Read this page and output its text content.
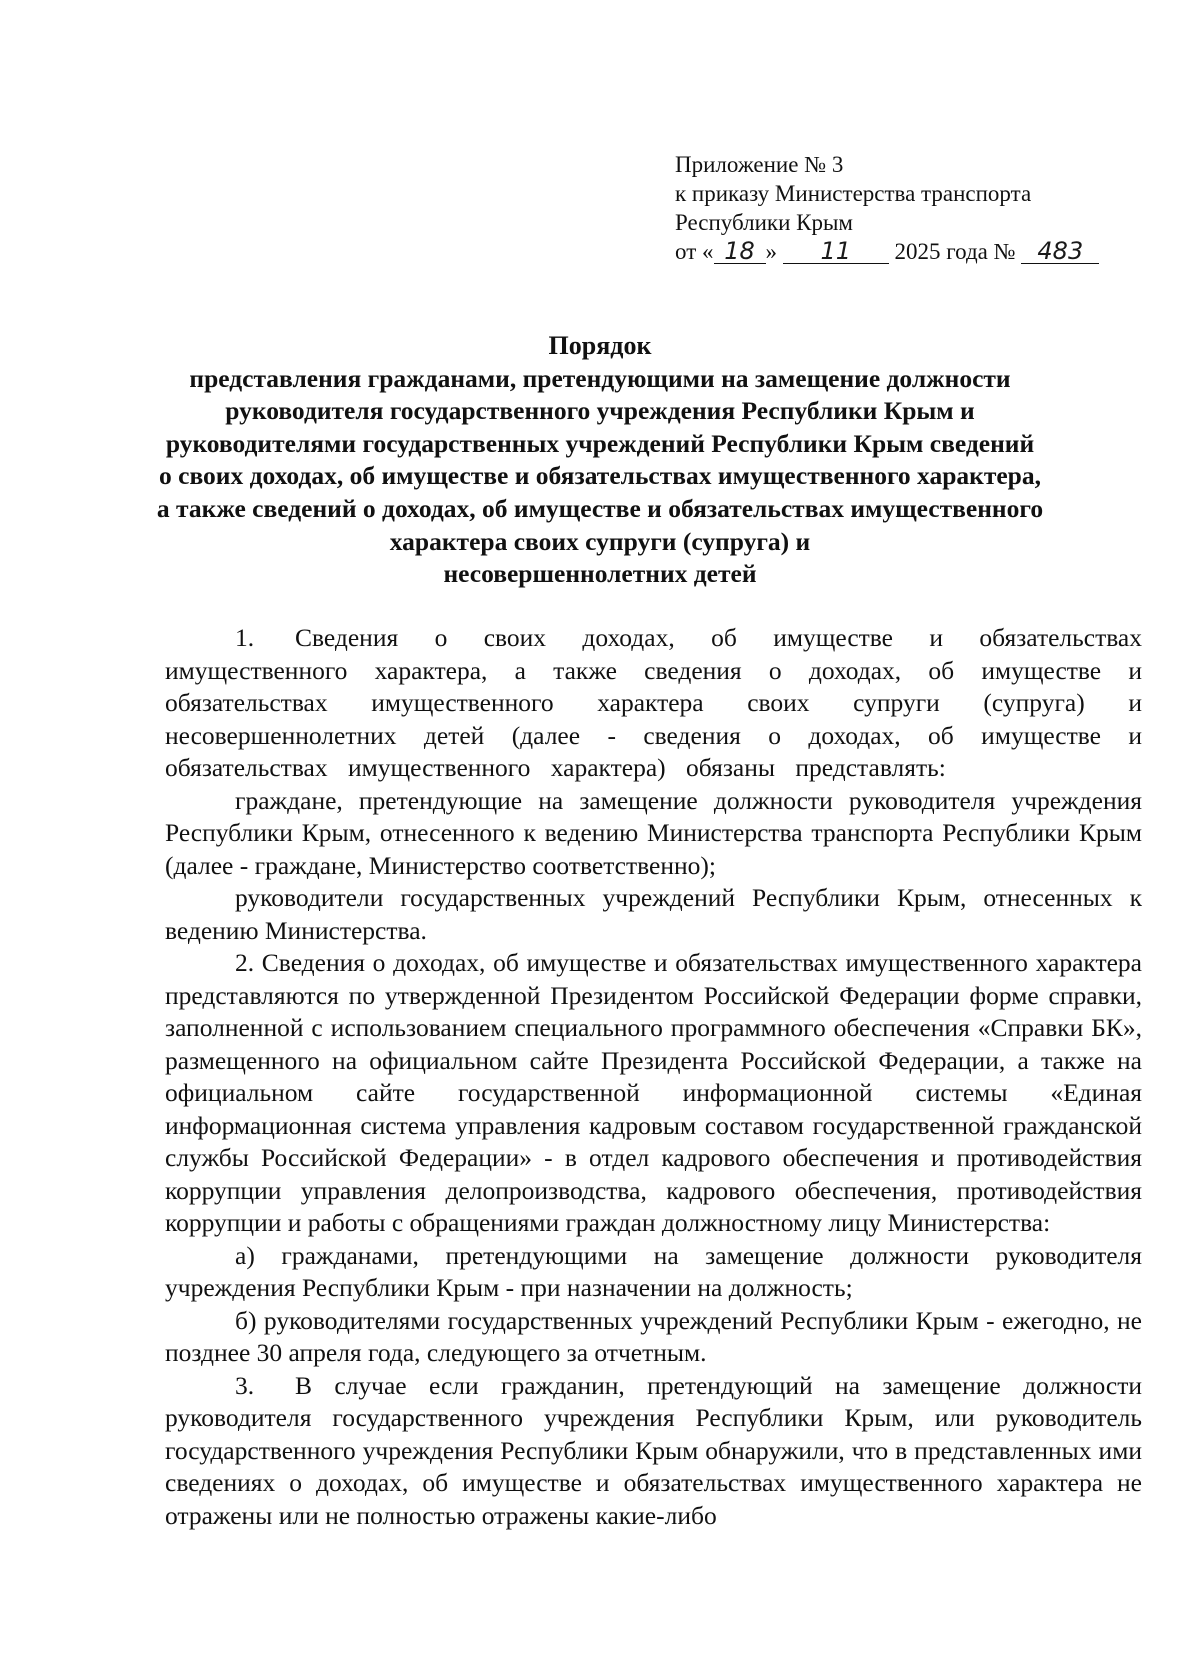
Приложение № 3
к приказу Министерства транспорта
Республики Крым
от « 18 » 11 2025 года № 483
Порядок
представления гражданами, претендующими на замещение должности
руководителя государственного учреждения Республики Крым и
руководителями государственных учреждений Республики Крым сведений
о своих доходах, об имуществе и обязательствах имущественного характера,
а также сведений о доходах, об имуществе и обязательствах имущественного
характера своих супруги (супруга) и
несовершеннолетних детей

1. Сведения о своих доходах, об имуществе и обязательствах имущественного характера, а также сведения о доходах, об имуществе и обязательствах имущественного характера своих супруги (супруга) и несовершеннолетних детей (далее - сведения о доходах, об имуществе и обязательствах имущественного характера) обязаны представлять:

граждане, претендующие на замещение должности руководителя учреждения Республики Крым, отнесенного к ведению Министерства транспорта Республики Крым (далее - граждане, Министерство соответственно);

руководители государственных учреждений Республики Крым, отнесенных к ведению Министерства.

2. Сведения о доходах, об имуществе и обязательствах имущественного характера представляются по утвержденной Президентом Российской Федерации форме справки, заполненной с использованием специального программного обеспечения «Справки БК», размещенного на официальном сайте Президента Российской Федерации, а также на официальном сайте государственной информационной системы «Единая информационная система управления кадровым составом государственной гражданской службы Российской Федерации» - в отдел кадрового обеспечения и противодействия коррупции управления делопроизводства, кадрового обеспечения, противодействия коррупции и работы с обращениями граждан должностному лицу Министерства:

а) гражданами, претендующими на замещение должности руководителя учреждения Республики Крым - при назначении на должность;

б) руководителями государственных учреждений Республики Крым - ежегодно, не позднее 30 апреля года, следующего за отчетным.

3. В случае если гражданин, претендующий на замещение должности руководителя государственного учреждения Республики Крым, или руководитель государственного учреждения Республики Крым обнаружили, что в представленных ими сведениях о доходах, об имуществе и обязательствах имущественного характера не отражены или не полностью отражены какие-либо
